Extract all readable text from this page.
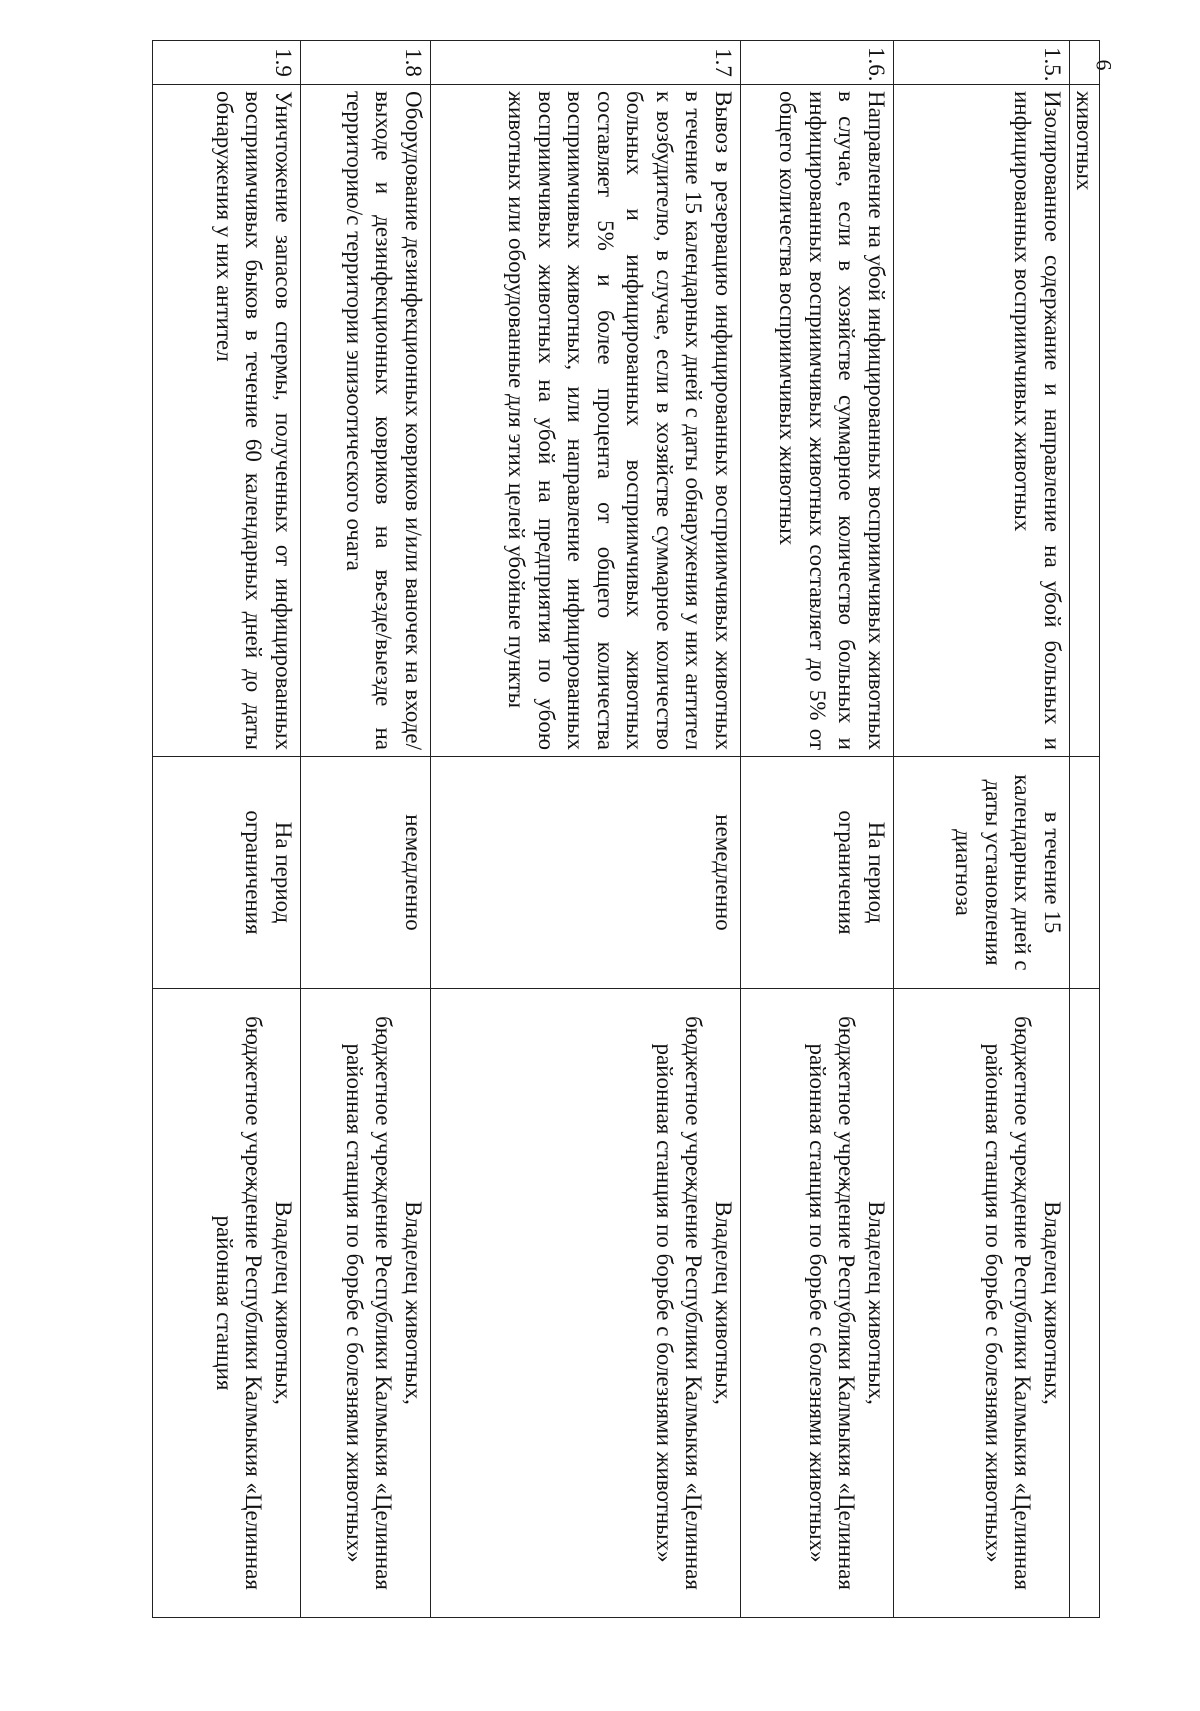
6
	животных		
1.5.	Изолированное содержание и направление на убой больных и инфицированных восприимчивых животных	в течение 15 календарных дней с даты установления диагноза	Владелец животных,
бюджетное учреждение Республики Калмыкия «Целинная районная станция по борьбе с болезнями животных»
1.6.	Направление на убой инфицированных восприимчивых животных в случае, если в хозяйстве суммарное количество больных и инфицированных восприимчивых животных составляет до 5% от общего количества восприимчивых животных	На период ограничения	Владелец животных,
бюджетное учреждение Республики Калмыкия «Целинная районная станция по борьбе с болезнями животных»
1.7	Вывоз в резервацию инфицированных восприимчивых животных в течение 15 календарных дней с даты обнаружения у них антител к возбудителю, в случае, если в хозяйстве суммарное количество больных и инфицированных восприимчивых животных составляет 5% и более процента от общего количества восприимчивых животных, или направление инфицированных восприимчивых животных на убой на предприятия по убою животных или оборудованные для этих целей убойные пункты	немедленно	Владелец животных,
бюджетное учреждение Республики Калмыкия «Целинная районная станция по борьбе с болезнями животных»
1.8	Оборудование дезинфекционных ковриков и/или ваночек на входе/выходе и дезинфекционных ковриков на въезде/выезде на территорию/с территории эпизоотического очага	немедленно	Владелец животных,
бюджетное учреждение Республики Калмыкия «Целинная районная станция по борьбе с болезнями животных»
1.9	Уничтожение запасов спермы, полученных от инфицированных восприимчивых быков в течение 60 календарных дней до даты обнаружения у них антител	На период ограничения	Владелец животных,
бюджетное учреждение Республики Калмыкия «Целинная районная станция
